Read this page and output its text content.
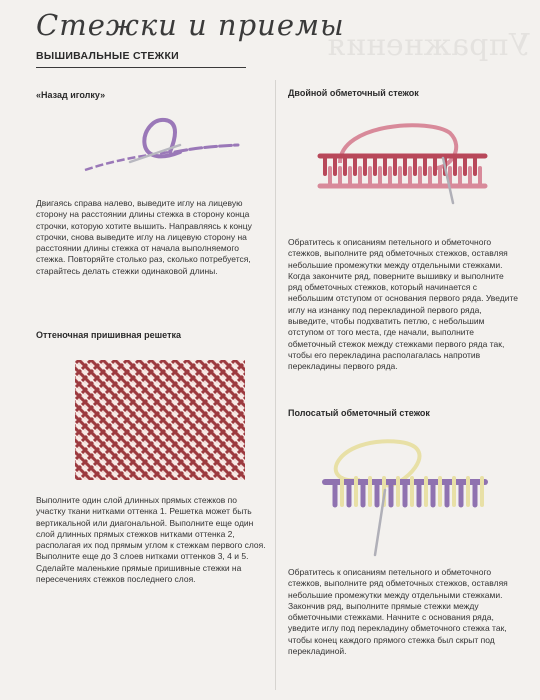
Стежки и приемы
Упражнения
ВЫШИВАЛЬНЫЕ СТЕЖКИ
«Назад иголку»
Двигаясь справа налево, выведите иглу на лицевую сторону на расстоянии длины стежка в сторону конца строчки, которую хотите вышить. Направляясь к концу строчки, снова выведите иглу на лицевую сторону на расстоянии длины стежка от начала выполняемого стежка. Повторяйте столько раз, сколько потребуется, старайтесь делать стежки одинаковой длины.
Оттеночная пришивная решетка
Выполните один слой длинных прямых стежков по участку ткани нитками оттенка 1. Решетка может быть вертикальной или диагональной. Выполните еще один слой длинных прямых стежков нитками оттенка 2, располагая их под прямым углом к стежкам первого слоя. Выполните еще до 3 слоев нитками оттенков 3, 4 и 5. Сделайте маленькие прямые пришивные стежки на пересечениях стежков последнего слоя.
Двойной обметочный стежок
Обратитесь к описаниям петельного и обметочного стежков, выполните ряд обметочных стежков, оставляя небольшие промежутки между отдельными стежками. Когда закончите ряд, поверните вышивку и выполните ряд обметочных стежков, который начинается с небольшим отступом от основания первого ряда. Уведите иглу на изнанку под перекладиной первого ряда, выведите, чтобы подхватить петлю, с небольшим отступом от того места, где начали, выполните обметочный стежок между стежками первого ряда так, чтобы его перекладина располагалась напротив перекладины первого ряда.
Полосатый обметочный стежок
Обратитесь к описаниям петельного и обметочного стежков, выполните ряд обметочных стежков, оставляя небольшие промежутки между отдельными стежками. Закончив ряд, выполните прямые стежки между обметочными стежками. Начните с основания ряда, уведите иглу под перекладину обметочного стежка так, чтобы конец каждого прямого стежка был скрыт под перекладиной.
